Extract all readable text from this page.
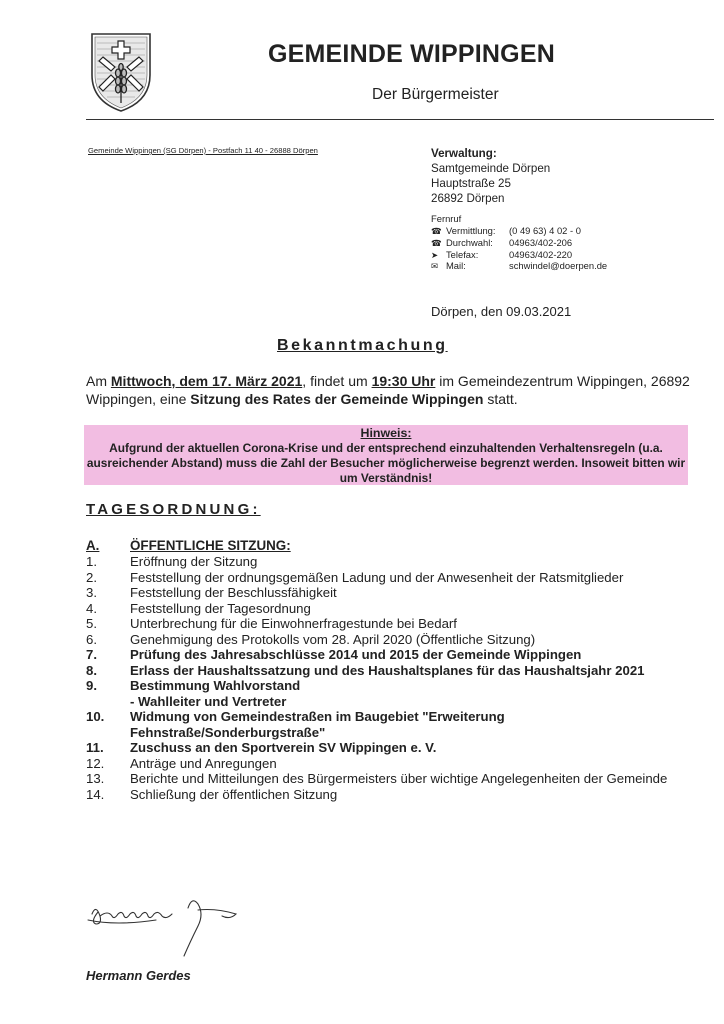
GEMEINDE WIPPINGEN
Der Bürgermeister
Gemeinde Wippingen (SG Dörpen) - Postfach 11 40 - 26888 Dörpen	Verwaltung:
Samtgemeinde Dörpen
Hauptstraße 25
26892 Dörpen
Fernruf
☎ Vermittlung: (0 49 63) 4 02 - 0
☎ Durchwahl: 04963/402-206
➤ Telefax:	04963/402-220
✉ Mail:	schwindel@doerpen.de
Dörpen, den 09.03.2021
Bekanntmachung
Am Mittwoch, dem 17. März 2021, findet um 19:30 Uhr im Gemeindezentrum Wippingen, 26892 Wippingen, eine Sitzung des Rates der Gemeinde Wippingen statt.
Hinweis:
Aufgrund der aktuellen Corona-Krise und der entsprechend einzuhaltenden Verhaltensregeln (u.a. ausreichender Abstand) muss die Zahl der Besucher möglicherweise begrenzt werden. Insoweit bitten wir um Verständnis!
TAGESORDNUNG:
A. ÖFFENTLICHE SITZUNG:
1.	Eröffnung der Sitzung
2.	Feststellung der ordnungsgemäßen Ladung und der Anwesenheit der Ratsmitglieder
3.	Feststellung der Beschlussfähigkeit
4.	Feststellung der Tagesordnung
5.	Unterbrechung für die Einwohnerfragestunde bei Bedarf
6.	Genehmigung des Protokolls vom 28. April 2020 (Öffentliche Sitzung)
7.	Prüfung des Jahresabschlüsse 2014 und 2015 der Gemeinde Wippingen
8.	Erlass der Haushaltssatzung und des Haushaltsplanes für das Haushaltsjahr 2021
9.	Bestimmung Wahlvorstand
- Wahlleiter und Vertreter
10. Widmung von Gemeindestraßen im Baugebiet "Erweiterung Fehnstraße/Sonderburgstraße"
11. Zuschuss an den Sportverein SV Wippingen e. V.
12. Anträge und Anregungen
13. Berichte und Mitteilungen des Bürgermeisters über wichtige Angelegenheiten der Gemeinde
14. Schließung der öffentlichen Sitzung
Hermann Gerdes
